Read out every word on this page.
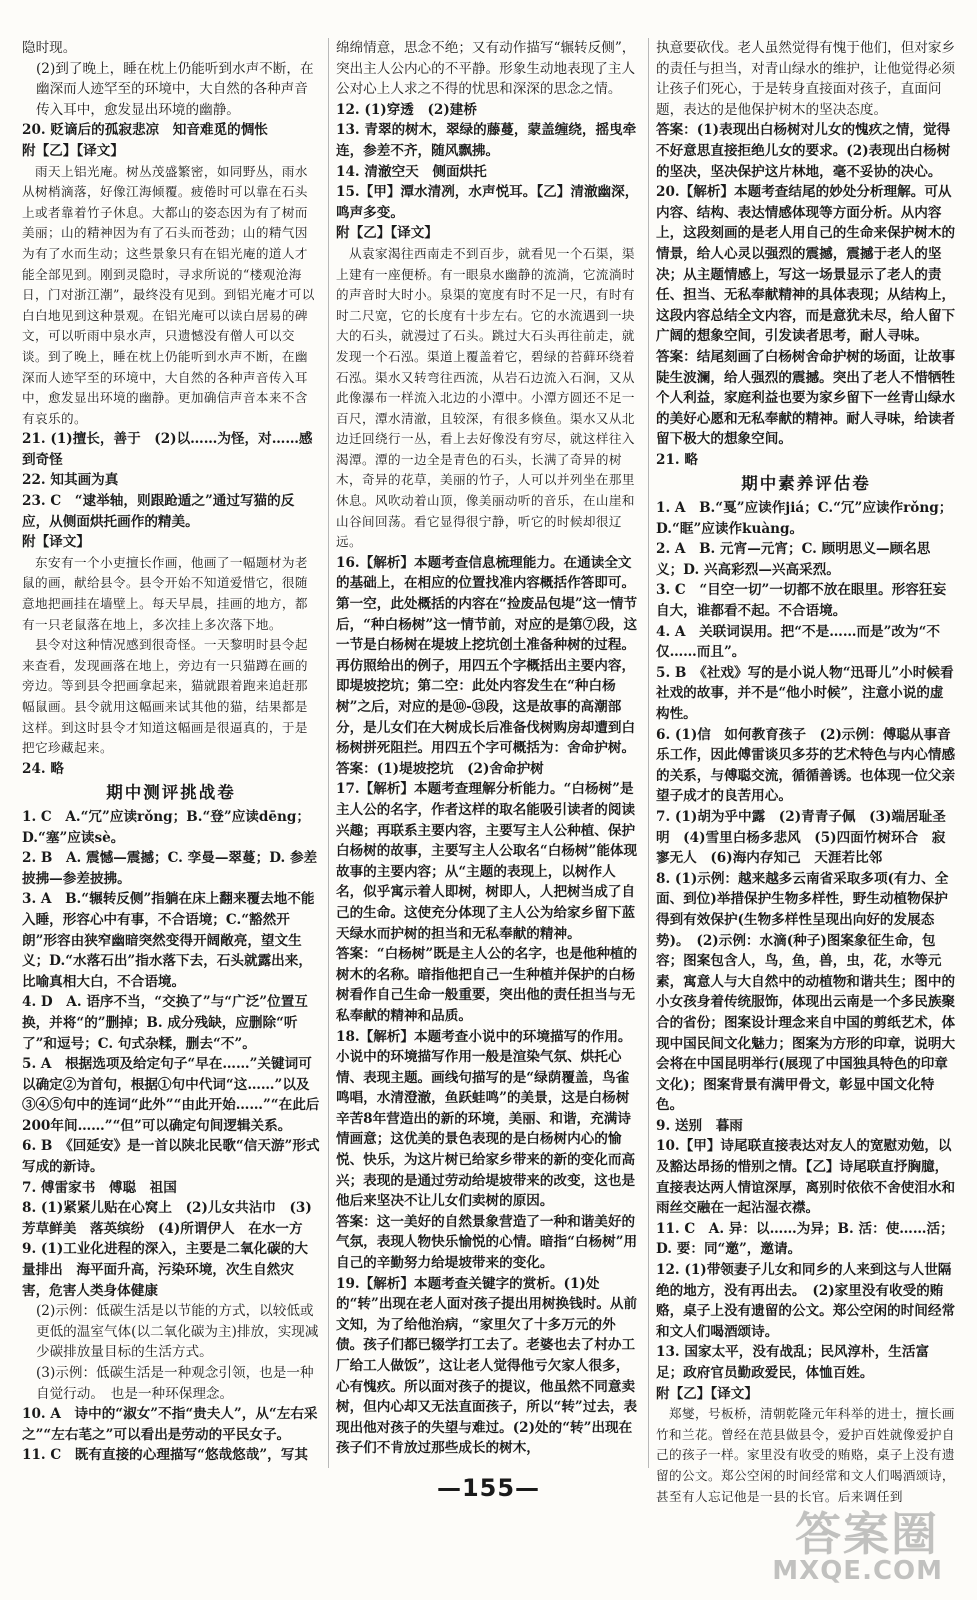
隐时现。
(2)到了晚上，睡在枕上仍能听到水声不断，在幽深而人迹罕至的环境中，大自然的各种声音传入耳中，愈发显出环境的幽静。
20. 贬谪后的孤寂悲凉　知音难觅的惆怅
附【乙】【译文】
　雨天上铝光庵。树丛茂盛繁密，如同野丛，雨水从树梢滴落，好像江海倾覆。疲倦时可以靠在石头上或者靠着竹子休息。大都山的姿态因为有了树而美丽；山的精神因为有了石头而苍劲；山的精气因为有了水而生动；这些景象只有在铝光庵的道人才能全部见到。刚到灵隐时，寻求所说的“楼观沧海日，门对浙江潮”，最终没有见到。到铝光庵才可以白白地见到这种景观。在铝光庵可以读白居易的碑文，可以听雨中泉水声，只遗憾没有僧人可以交谈。到了晚上，睡在枕上仍能听到水声不断，在幽深而人迹罕至的环境中，大自然的各种声音传入耳中，愈发显出环境的幽静。更加确信声音本来不含有哀乐的。
21. (1)擅长，善于　(2)以……为怪，对……感到奇怪
22. 知其画为真
23. C　“逮举轴，则跟跄遁之”通过写猫的反应，从侧面烘托画作的精美。
附【译文】
　东安有一个小吏擅长作画，他画了一幅题材为老鼠的画，献给县令。县令开始不知道爱惜它，很随意地把画挂在墙壁上。每天早晨，挂画的地方，都有一只老鼠落在地上，多次挂上多次落下地。
　县令对这种情况感到很奇怪。一天黎明时县令起来查看，发现画落在地上，旁边有一只猫蹲在画的旁边。等到县令把画拿起来，猫就跟着跑来追赶那幅鼠画。县令就用这幅画来试其他的猫，结果都是这样。到这时县令才知道这幅画是很逼真的，于是把它珍藏起来。
24. 略
期中测评挑战卷
1. C　A.“冗”应读rǒng；B.“登”应读dēng；D.“塞”应读sè。
2. B　A. 震憾—震撼；C. 孪曼—翠蔓；D. 参差披拂—参差披拂。
3. A　B.“辗转反侧”指躺在床上翻来覆去地不能入睡，形容心中有事，不合语境；C.“豁然开朗”形容由狭窄幽暗突然变得开阔敞亮，望文生义；D.“水落石出”指水落下去，石头就露出来，比喻真相大白，不合语境。
4. D　A. 语序不当，“交换了”与“广泛”位置互换，并将“的”删掉；B. 成分残缺，应删除“听了”和逗号；C. 句式杂糅，删去“不”。
5. A　根据选项及给定句子“早在……”关键词可以确定②为首句，根据①句中代词“这……”以及③④⑤句中的连词“此外”“由此开始……”“在此后200年间……”“但”可以确定句间逻辑关系。
6. B　《回延安》是一首以陕北民歌“信天游”形式写成的新诗。
7. 傅雷家书　傅聪　祖国
8. (1)紧紧儿贴在心窝上　(2)儿女共沾巾　(3)芳草鲜美　落英缤纷　(4)所谓伊人　在水一方
9. (1)工业化进程的深入，主要是二氧化碳的大量排出　海平面升高，污染环境，次生自然灾害，危害人类身体健康
(2)示例：低碳生活是以节能的方式，以较低或更低的温室气体(以二氧化碳为主)排放，实现减少碳排放量目标的生活方式。
(3)示例：低碳生活是一种观念引领，也是一种自觉行动。　也是一种环保理念。
10. A　诗中的“淑女”不指“贵夫人”，从“左右采之”“左右芼之”可以看出是劳动的平民女子。
11. C　既有直接的心理描写“悠哉悠哉”，写其
绵绵情意，思念不绝；又有动作描写“辗转反侧”，突出主人公内心的不平静。形象生动地表现了主人公对心上人求之不得的忧思和深深的思念之情。
12. (1)穿透　(2)建桥
13. 青翠的树木，翠绿的藤蔓，蒙盖缠绕，摇曳牵连，参差不齐，随风飘拂。
14. 清澈空天　侧面烘托
15.【甲】潭水清冽，水声悦耳。【乙】清澈幽深，鸣声多变。
附【乙】【译文】
　从袁家渴往西南走不到百步，就看见一个石渠，渠上建有一座便桥。有一眼泉水幽静的流淌，它流淌时的声音时大时小。泉渠的宽度有时不足一尺，有时有时二尺宽，它的长度有十步左右。它的水流遇到一块大的石头，就漫过了石头。跳过大石头再往前走，就发现一个石泓。渠道上覆盖着它，碧绿的苔藓环绕着石泓。渠水又转弯往西流，从岩石边流入石涧，又从此像瀑布一样流入北边的小潭中。小潭方圆还不足一百尺，潭水清澈，且较深，有很多倏鱼。渠水又从北边迁回绕行一丛，看上去好像没有穷尽，就这样往入渴潭。潭的一边全是青色的石头，长满了奇异的树木，奇异的花草，美丽的竹子，人可以并列坐在那里休息。风吹动着山顶，像美丽动听的音乐，在山崖和山谷间回荡。看它显得很宁静，听它的时候却很辽远。
16.【解析】本题考查信息梳理能力。在通读全文的基础上，在相应的位置找准内容概括作答即可。第一空，此处概括的内容在“捡废品包堤”这一情节后，“种白杨树”这一情节前，对应的是第⑦段，这一节是白杨树在堤坡上挖坑创土准备种树的过程。再仿照给出的例子，用四五个字概括出主要内容，即堤坡挖坑；第二空：此处内容发生在“种白杨树”之后，对应的是⑩-⑬段，这是故事的高潮部分，是儿女们在大树成长后准备伐树购房却遭到白杨树拼死阻拦。用四五个字可概括为：舍命护树。
答案：(1)堤坡挖坑　(2)舍命护树
17.【解析】本题考查理解分析能力。“白杨树”是主人公的名字，作者这样的取名能吸引读者的阅读兴趣；再联系主要内容，主要写主人公种植、保护白杨树的故事，主要写主人公取名“白杨树”能体现故事的主要内容；从“主题的表现上，以树作人名，似乎寓示着人即树，树即人，人把树当成了自己的生命。这使充分体现了主人公为给家乡留下蓝天绿水而护树的担当和无私奉献的精神。
答案：“白杨树”既是主人公的名字，也是他种植的树木的名称。暗指他把自己一生种植并保护的白杨树看作自己生命一般重要，突出他的责任担当与无私奉献的精神和品质。
18.【解析】本题考查小说中的环境描写的作用。小说中的环境描写作用一般是渲染气氛、烘托心情、表现主题。画线句描写的是“绿荫覆盖，鸟雀鸣唱，水清澄澈，鱼跃蛙鸣”的美景，这是白杨树辛苦8年营造出的新的环境，美丽、和谐，充满诗情画意；这优美的景色表现的是白杨树内心的愉悦、快乐，为这片树已给家乡带来的新的变化而高兴；表现的是通过劳动给堤坡带来的改变，这也是他后来坚决不让儿女们卖树的原因。
答案：这一美好的自然景象营造了一种和谐美好的气氛，表现人物快乐愉悦的心情。暗指“白杨树”用自己的辛勤努力给堤坡带来的变化。
19.【解析】本题考查关键字的赏析。(1)处的“转”出现在老人面对孩子提出用树换钱时。从前文知，为了给他治病，“家里欠了十多万元的外债。孩子们都已辍学打工去了。老婆也去了村办工厂给工人做饭”，这让老人觉得他亏欠家人很多，心有愧疚。所以面对孩子的提议，他虽然不同意卖树，但内心却又无法直面孩子，所以“转”过去，表现出他对孩子的失望与难过。(2)处的“转”出现在孩子们不肯放过那些成长的树木，
执意要砍伐。老人虽然觉得有愧于他们，但对家乡的责任与担当，对青山绿水的维护，让他觉得必须让孩子们死心，于是转身直接面对孩子，直面问题，表达的是他保护树木的坚决态度。
答案：(1)表现出白杨树对儿女的愧疚之情，觉得不好意思直接拒绝儿女的要求。(2)表现出白杨树的坚决，坚决保护这片林地，毫不妥协的决心。
20.【解析】本题考查结尾的妙处分析理解。可从内容、结构、表达情感体现等方面分析。从内容上，这段刻画的是老人用自己的生命来保护树木的情景，给人心灵以强烈的震撼，震撼于老人的坚决；从主题情感上，写这一场景显示了老人的责任、担当、无私奉献精神的具体表现；从结构上，这段内容总结全文内容，而是意犹未尽，给人留下广阔的想象空间，引发读者思考，耐人寻味。
答案：结尾刻画了白杨树舍命护树的场面，让故事陡生波澜，给人强烈的震撼。突出了老人不惜牺牲个人利益，家庭利益也要为家乡留下一丝青山绿水的美好心愿和无私奉献的精神。耐人寻味，给读者留下极大的想象空间。
21. 略
期中素养评估卷
1. A　B.“戛”应读作jiá；C.“冗”应读作rǒng；D.“眶”应读作kuàng。
2. A　B. 元宵—元宵；C. 顾明思义—顾名思义；D. 兴高彩烈—兴高采烈。
3. C　“目空一切”一切都不放在眼里。形容狂妄自大，谁都看不起。不合语境。
4. A　关联词误用。把“不是……而是”改为“不仅……而且”。
5. B　《社戏》写的是小说人物“迅哥儿”小时候看社戏的故事，并不是“他小时候”，注意小说的虚构性。
6. (1)信　如何教育孩子　(2)示例：傅聪从事音乐工作，因此傅雷谈贝多芬的艺术特色与内心情感的关系，与傅聪交流，循循善诱。也体现一位父亲望子成才的良苦用心。
7. (1)胡为乎中露　(2)青青子佩　(3)端居耻圣明　(4)雪里白杨多悲风　(5)四面竹树环合　寂寥无人　(6)海内存知己　天涯若比邻
8. (1)示例：越来越多云南省采取多项(有力、全面、到位)举措保护生物多样性，野生动植物保护得到有效保护(生物多样性呈现出向好的发展态势)。　(2)示例：水滴(种子)图案象征生命，包容；图案包含人，鸟，鱼，兽，虫，花，水等元素，寓意人与大自然中的动植物和谐共生；图中的小女孩身着传统服饰，体现出云南是一个多民族聚合的省份；图案设计理念来自中国的剪纸艺术，体现中国民间文化魅力；图案为方形的印章，说明大会将在中国昆明举行(展现了中国独具特色的印章文化)；图案背景有满甲骨文，彰显中国文化特色。
9. 送别　暮雨
10.【甲】诗尾联直接表达对友人的宽慰劝勉，以及豁达昂扬的惜别之情。【乙】诗尾联直抒胸臆，直接表达两人情谊深厚，离别时依依不舍使泪水和雨丝交融在一起沾湿衣襟。
11. C　A. 异：以……为异；B. 活：使……活；D. 要：同“邀”，邀请。
12. (1)带领妻子儿女和同乡的人来到这与人世隔绝的地方，没有再出去。　(2)家里没有收受的贿赂，桌子上没有遗留的公文。郑公空闲的时间经常和文人们喝酒颂诗。
13. 国家太平，没有战乱；民风淳朴，生活富足；政府官员勤政爱民，体恤百姓。
附【乙】【译文】
　郑燮，号板桥，清朝乾隆元年科举的进士，擅长画竹和兰花。曾经在范县做县令，爱护百姓就像爱护自己的孩子一样。家里没有收受的贿赂，桌子上没有遗留的公文。郑公空闲的时间经常和文人们喝酒颂诗，甚至有人忘记他是一县的长官。后来调任到
—155—
答案圈
MXQE.COM
